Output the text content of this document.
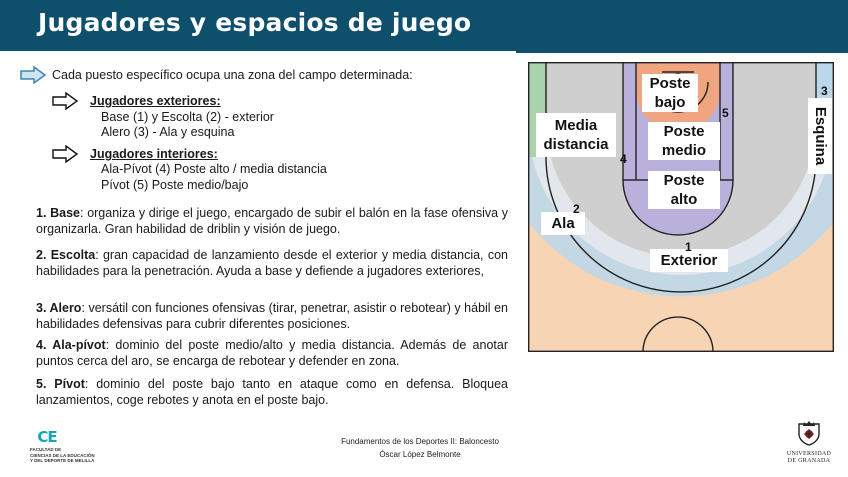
Jugadores y espacios de juego
Cada puesto específico ocupa una zona del campo determinada:
Jugadores exteriores:
Base (1) y Escolta (2) - exterior
Alero (3) - Ala y esquina
Jugadores interiores:
Ala-Pívot (4) Poste alto / media distancia
Pívot (5) Poste medio/bajo
1. Base: organiza y dirige el juego, encargado de subir el balón en la fase ofensiva y organizarla. Gran habilidad de driblin y visión de juego.
2. Escolta: gran capacidad de lanzamiento desde el exterior y media distancia, con habilidades para la penetración. Ayuda a base y defiende a jugadores exteriores,
3. Alero: versátil con funciones ofensivas (tirar, penetrar, asistir o rebotear) y hábil en habilidades defensivas para cubrir diferentes posiciones.
4. Ala-pívot: dominio del poste medio/alto y media distancia. Además de anotar puntos cerca del aro, se encarga de rebotear y defender en zona.
5. Pívot: dominio del poste bajo tanto en ataque como en defensa. Bloquea lanzamientos, coge rebotes y anota en el poste bajo.
Poste
bajo
Poste
medio
Poste
alto
Media
distancia
Ala
Exterior
Esquina
1
2
3
4
5
CE
FACULTAD DE
CIENCIAS DE LA EDUCACIÓN
Y DEL DEPORTE DE MELILLA
Fundamentos de los Deportes II: Baloncesto
Óscar López Belmonte	UNIVERSIDAD
DE GRANADA
